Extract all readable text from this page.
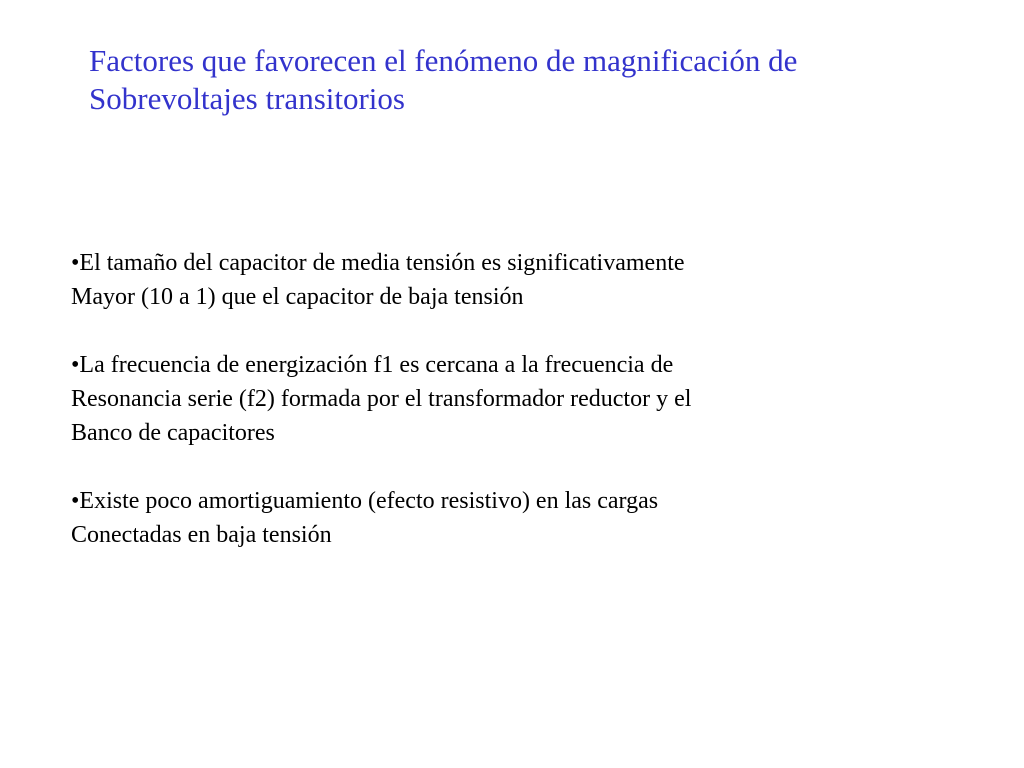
Factores que favorecen el fenómeno de magnificación de
Sobrevoltajes transitorios

•El tamaño del capacitor de media tensión es significativamente
Mayor (10 a 1) que el capacitor de baja tensión

•La frecuencia de energización f1 es cercana a la frecuencia de
Resonancia serie (f2) formada por el transformador reductor y el
Banco de capacitores

•Existe poco amortiguamiento (efecto resistivo) en las cargas
Conectadas en baja tensión
